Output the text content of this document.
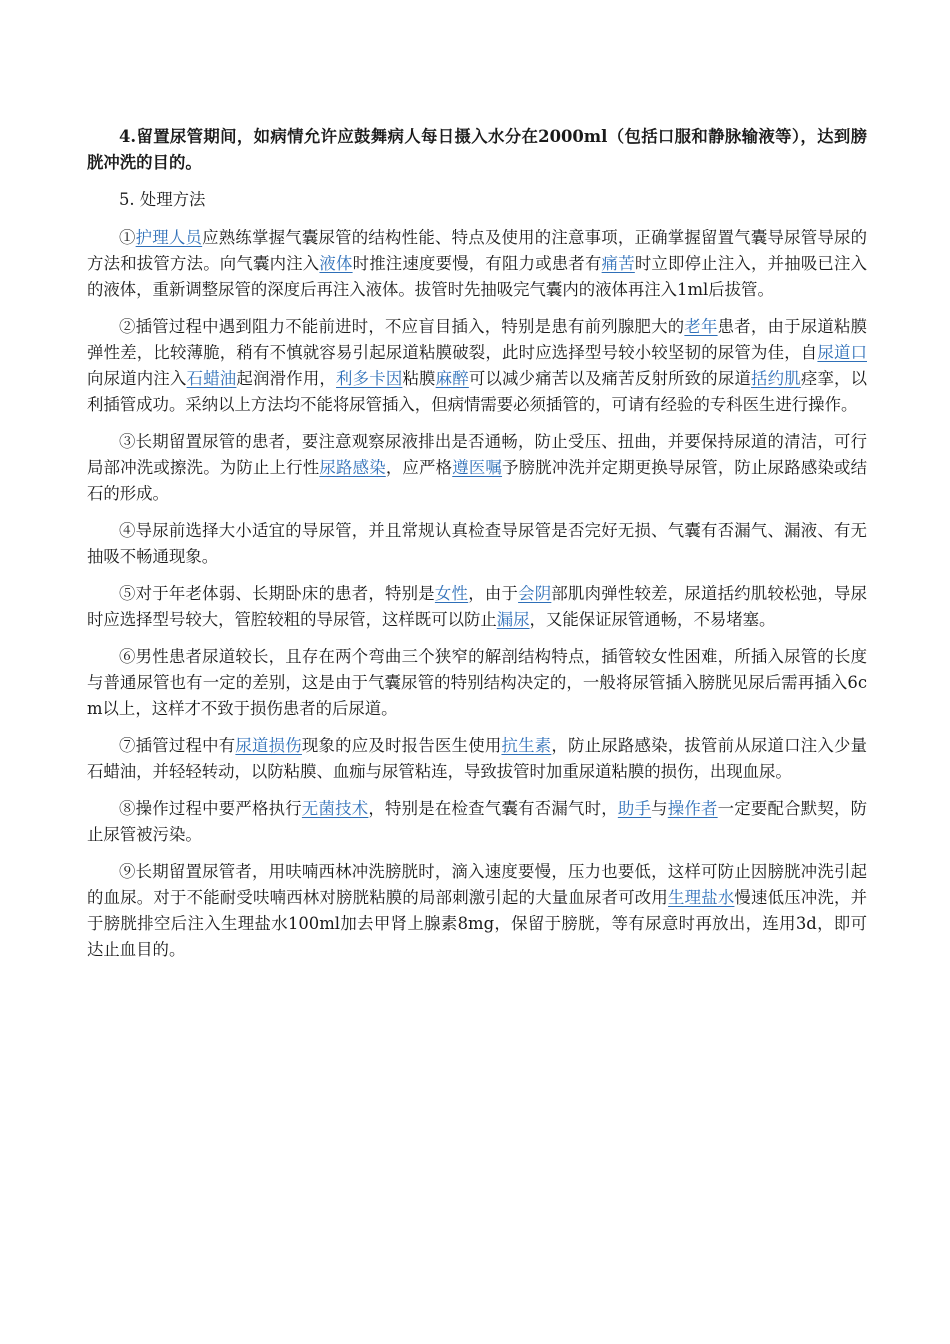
4.留置尿管期间，如病情允许应鼓舞病人每日摄入水分在2000ml（包括口服和静脉输液等），达到膀胱冲洗的目的。

5. 处理方法

①护理人员应熟练掌握气囊尿管的结构性能、特点及使用的注意事项，正确掌握留置气囊导尿管导尿的方法和拔管方法。向气囊内注入液体时推注速度要慢，有阻力或患者有痛苦时立即停止注入，并抽吸已注入的液体，重新调整尿管的深度后再注入液体。拔管时先抽吸完气囊内的液体再注入1ml后拔管。

②插管过程中遇到阻力不能前进时，不应盲目插入，特别是患有前列腺肥大的老年患者，由于尿道粘膜弹性差，比较薄脆，稍有不慎就容易引起尿道粘膜破裂，此时应选择型号较小较坚韧的尿管为佳，自尿道口向尿道内注入石蜡油起润滑作用，利多卡因粘膜麻醉可以减少痛苦以及痛苦反射所致的尿道括约肌痉挛，以利插管成功。采纳以上方法均不能将尿管插入，但病情需要必须插管的，可请有经验的专科医生进行操作。

③长期留置尿管的患者，要注意观察尿液排出是否通畅，防止受压、扭曲，并要保持尿道的清洁，可行局部冲洗或擦洗。为防止上行性尿路感染，应严格遵医嘱予膀胱冲洗并定期更换导尿管，防止尿路感染或结石的形成。

④导尿前选择大小适宜的导尿管，并且常规认真检查导尿管是否完好无损、气囊有否漏气、漏液、有无抽吸不畅通现象。

⑤对于年老体弱、长期卧床的患者，特别是女性，由于会阴部肌肉弹性较差，尿道括约肌较松弛，导尿时应选择型号较大，管腔较粗的导尿管，这样既可以防止漏尿，又能保证尿管通畅，不易堵塞。

⑥男性患者尿道较长，且存在两个弯曲三个狭窄的解剖结构特点，插管较女性困难，所插入尿管的长度与普通尿管也有一定的差别，这是由于气囊尿管的特别结构决定的，一般将尿管插入膀胱见尿后需再插入6cm以上，这样才不致于损伤患者的后尿道。

⑦插管过程中有尿道损伤现象的应及时报告医生使用抗生素，防止尿路感染，拔管前从尿道口注入少量石蜡油，并轻轻转动，以防粘膜、血痂与尿管粘连，导致拔管时加重尿道粘膜的损伤，出现血尿。

⑧操作过程中要严格执行无菌技术，特别是在检查气囊有否漏气时，助手与操作者一定要配合默契，防止尿管被污染。

⑨长期留置尿管者，用呋喃西林冲洗膀胱时，滴入速度要慢，压力也要低，这样可防止因膀胱冲洗引起的血尿。对于不能耐受呋喃西林对膀胱粘膜的局部刺激引起的大量血尿者可改用生理盐水慢速低压冲洗，并于膀胱排空后注入生理盐水100ml加去甲肾上腺素8mg，保留于膀胱，等有尿意时再放出，连用3d，即可达止血目的。
